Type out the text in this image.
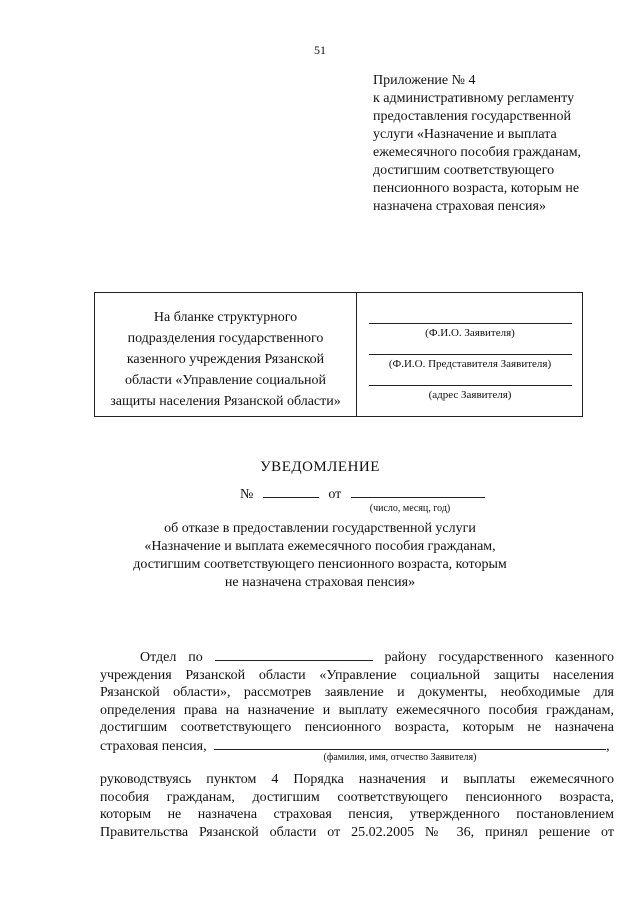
51
Приложение № 4
к административному регламенту
предоставления государственной
услуги «Назначение и выплата
ежемесячного пособия гражданам,
достигшим соответствующего
пенсионного возраста, которым не
назначена страховая пенсия»
На бланке структурного
подразделения государственного
казенного учреждения Рязанской
области «Управление социальной
защиты населения Рязанской области»
(Ф.И.О. Заявителя)
(Ф.И.О. Представителя Заявителя)
(адрес Заявителя)
УВЕДОМЛЕНИЕ
№	от
(число, месяц, год)
об отказе в предоставлении государственной услуги
«Назначение и выплата ежемесячного пособия гражданам,
достигшим соответствующего пенсионного возраста, которым
не назначена страховая пенсия»
Отдел по	району государственного казенного
учреждения Рязанской области «Управление социальной защиты населения
Рязанской области», рассмотрев заявление и документы, необходимые для
определения права на назначение и выплату ежемесячного пособия гражданам,
достигшим соответствующего пенсионного возраста, которым не назначена
страховая пенсия,	,
(фамилия, имя, отчество Заявителя)
руководствуясь пунктом 4 Порядка назначения и выплаты ежемесячного
пособия гражданам, достигшим соответствующего пенсионного возраста,
которым не назначена страховая пенсия, утвержденного постановлением
Правительства Рязанской области от 25.02.2005 № 36, принял решение от
